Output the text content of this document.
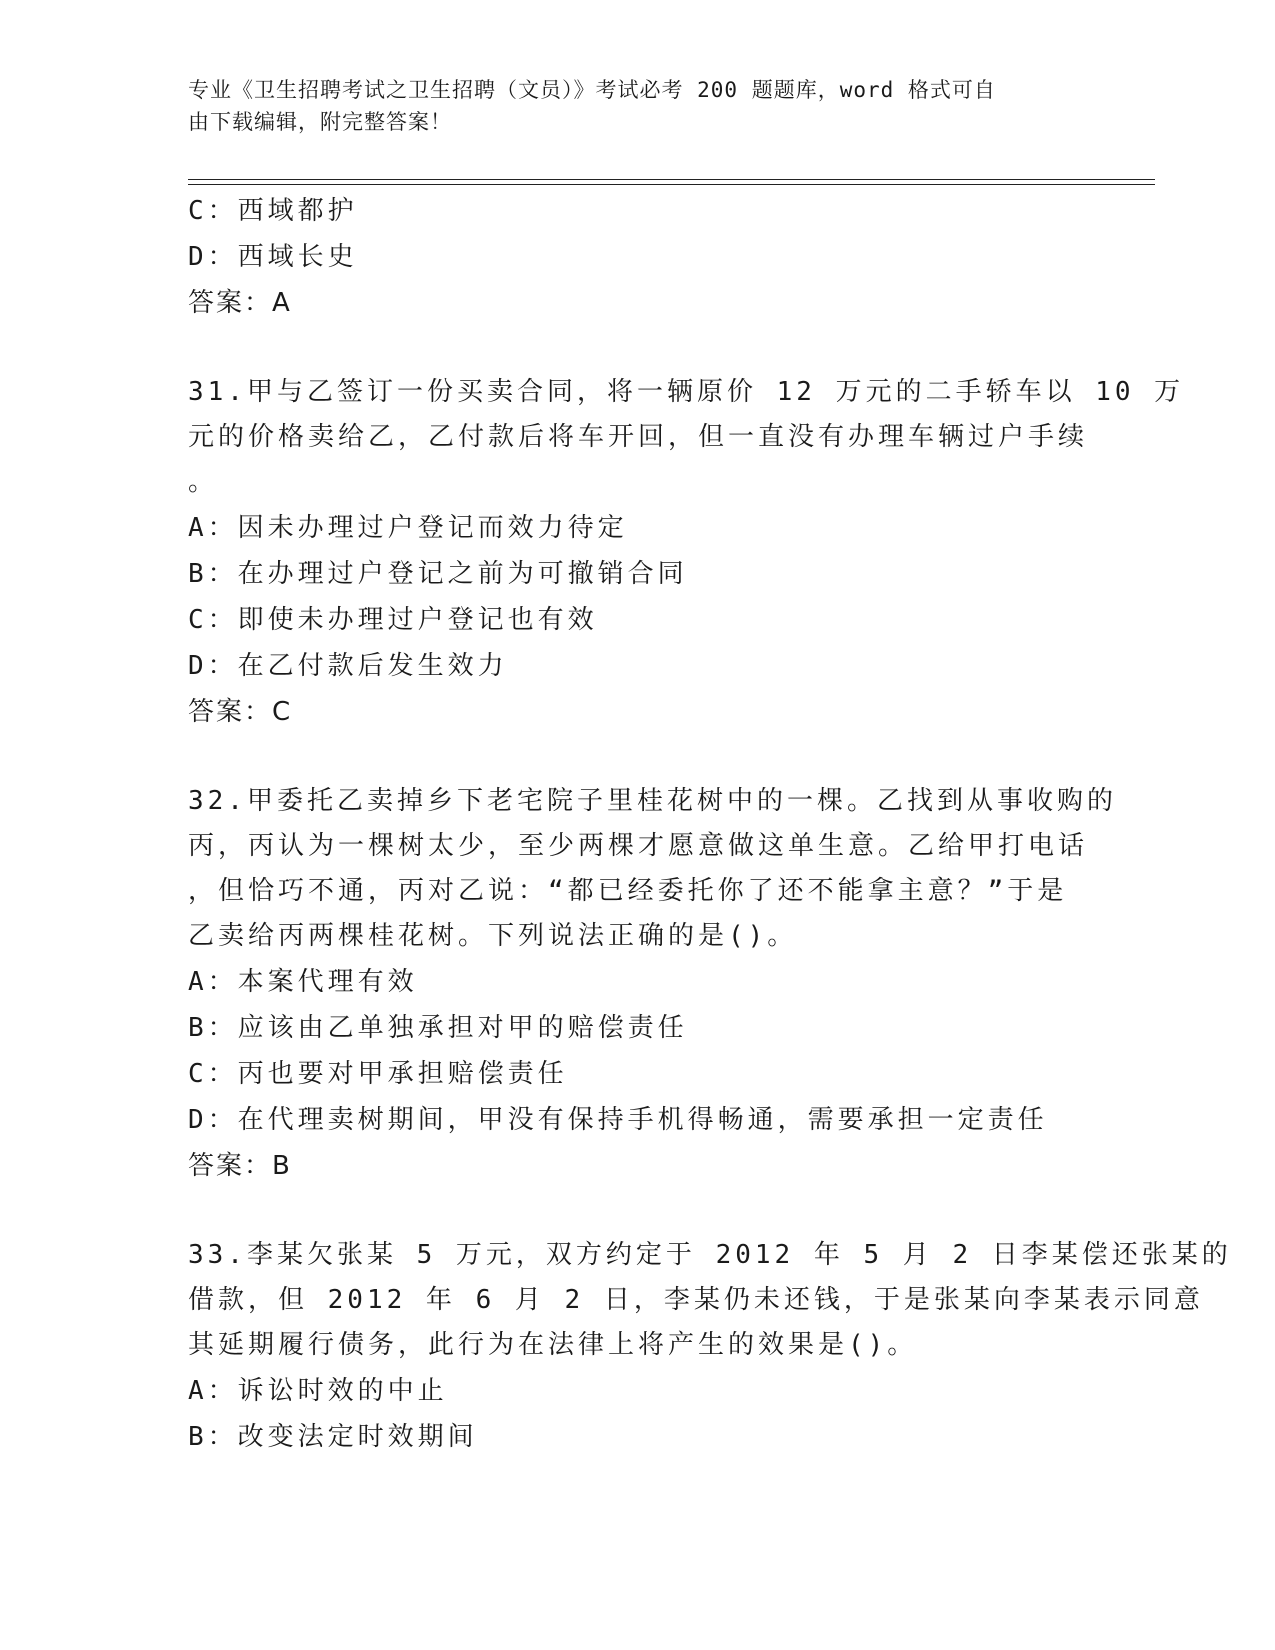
专业《卫生招聘考试之卫生招聘（文员）》考试必考 200 题题库，word 格式可自
由下载编辑，附完整答案！
C：西域都护
D：西域长史
答案：A
31.甲与乙签订一份买卖合同，将一辆原价 12 万元的二手轿车以 10 万
元的价格卖给乙，乙付款后将车开回，但一直没有办理车辆过户手续
。
A：因未办理过户登记而效力待定
B：在办理过户登记之前为可撤销合同
C：即使未办理过户登记也有效
D：在乙付款后发生效力
答案：C
32.甲委托乙卖掉乡下老宅院子里桂花树中的一棵。乙找到从事收购的
丙，丙认为一棵树太少，至少两棵才愿意做这单生意。乙给甲打电话
，但恰巧不通，丙对乙说：“都已经委托你了还不能拿主意？”于是
乙卖给丙两棵桂花树。下列说法正确的是()。
A：本案代理有效
B：应该由乙单独承担对甲的赔偿责任
C：丙也要对甲承担赔偿责任
D：在代理卖树期间，甲没有保持手机得畅通，需要承担一定责任
答案：B
33.李某欠张某 5 万元，双方约定于 2012 年 5 月 2 日李某偿还张某的
借款，但 2012 年 6 月 2 日，李某仍未还钱，于是张某向李某表示同意
其延期履行债务，此行为在法律上将产生的效果是()。
A：诉讼时效的中止
B：改变法定时效期间
